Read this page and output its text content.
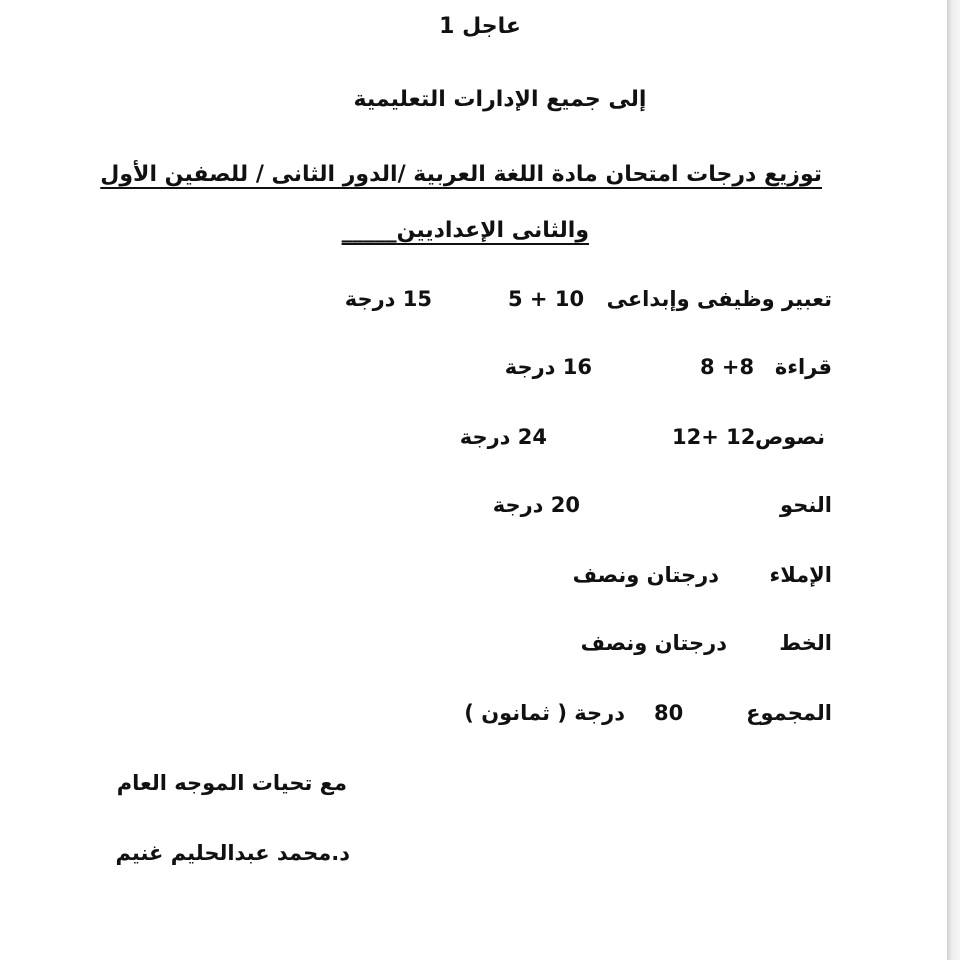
عاجل 1
إلى جميع الإدارات التعليمية
توزيع درجات امتحان مادة اللغة العربية /الدور الثانى / للصفين الأول
والثانى الإعداديين_____
تعبير وظيفى وإبداعى
5 + 10
15 درجة
قراءة
8 +8
16 درجة
نصوص
12+ 12
24 درجة
النحو
20 درجة
الإملاء
درجتان ونصف
الخط
درجتان ونصف
المجموع
80
درجة ( ثمانون )
مع تحيات الموجه العام
د.محمد عبدالحليم غنيم
